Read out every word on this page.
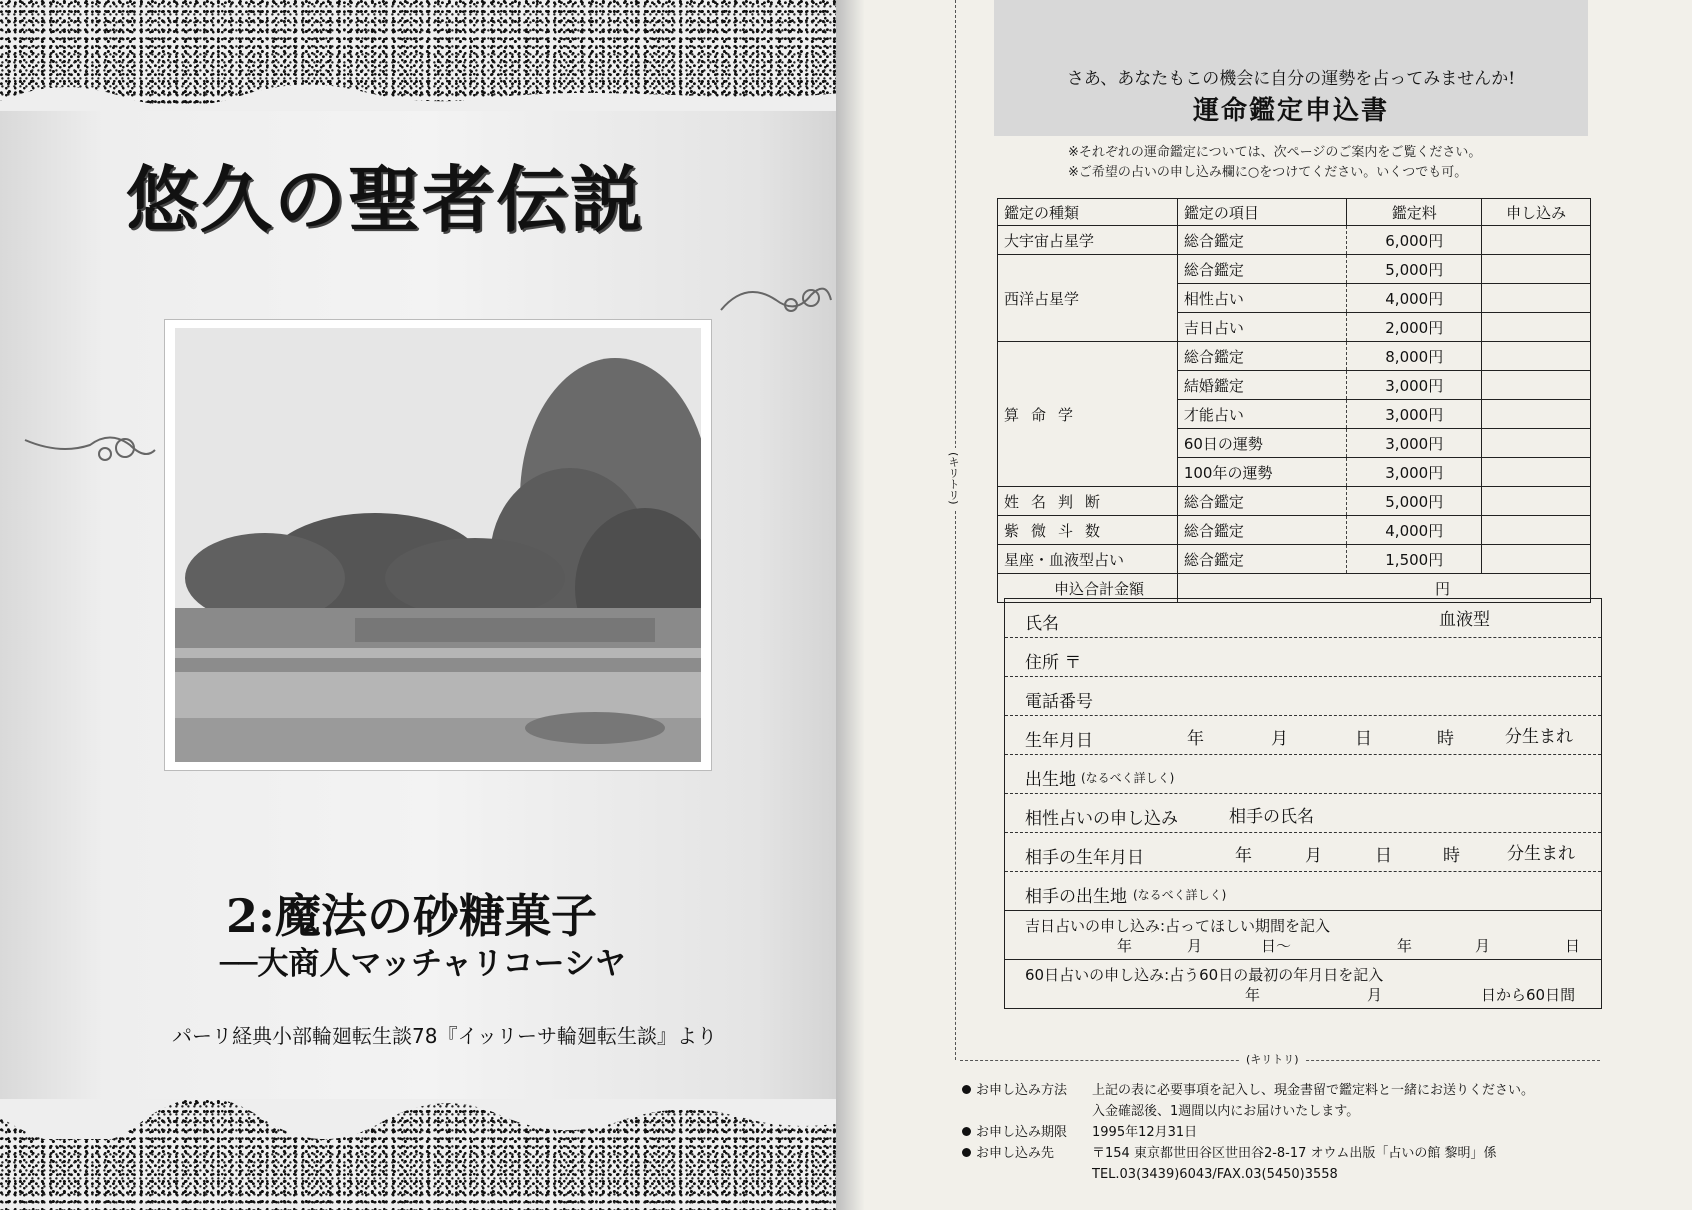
悠久の聖者伝説
2:魔法の砂糖菓子
──大商人マッチャリコーシヤ
パーリ経典小部輪廻転生談78『イッリーサ輪廻転生談』より
(キリトリ)
(キリトリ)
さあ、あなたもこの機会に自分の運勢を占ってみませんか!
運命鑑定申込書
※それぞれの運命鑑定については、次ページのご案内をご覧ください。
※ご希望の占いの申し込み欄に○をつけてください。いくつでも可。
鑑定の種類	鑑定の項目	鑑定料	申し込み
大宇宙占星学	総合鑑定	6,000円	
西洋占星学	総合鑑定	5,000円	
	相性占い	4,000円	
	吉日占い	2,000円	
算命学	総合鑑定	8,000円	
	結婚鑑定	3,000円	
	才能占い	3,000円	
	60日の運勢	3,000円	
	100年の運勢	3,000円	
姓名判断	総合鑑定	5,000円	
紫微斗数	総合鑑定	4,000円	
星座・血液型占い	総合鑑定	1,500円	
申込合計金額	円		
氏名	血液型
住所 〒
電話番号
生年月日	年	月	日	時	分生まれ
出生地 (なるべく詳しく)
相性占いの申し込み	相手の氏名
相手の生年月日	年	月	日	時	分生まれ
相手の出生地 (なるべく詳しく)
吉日占いの申し込み:占ってほしい期間を記入
年	月	日〜	年	月	日
60日占いの申し込み:占う60日の最初の年月日を記入
年	月	日から60日間
お申し込み方法	上記の表に必要事項を記入し、現金書留で鑑定料と一緒にお送りください。
入金確認後、1週間以内にお届けいたします。
お申し込み期限	1995年12月31日
お申し込み先	〒154 東京都世田谷区世田谷2-8-17 オウム出版「占いの館 黎明」係
TEL.03(3439)6043/FAX.03(5450)3558
